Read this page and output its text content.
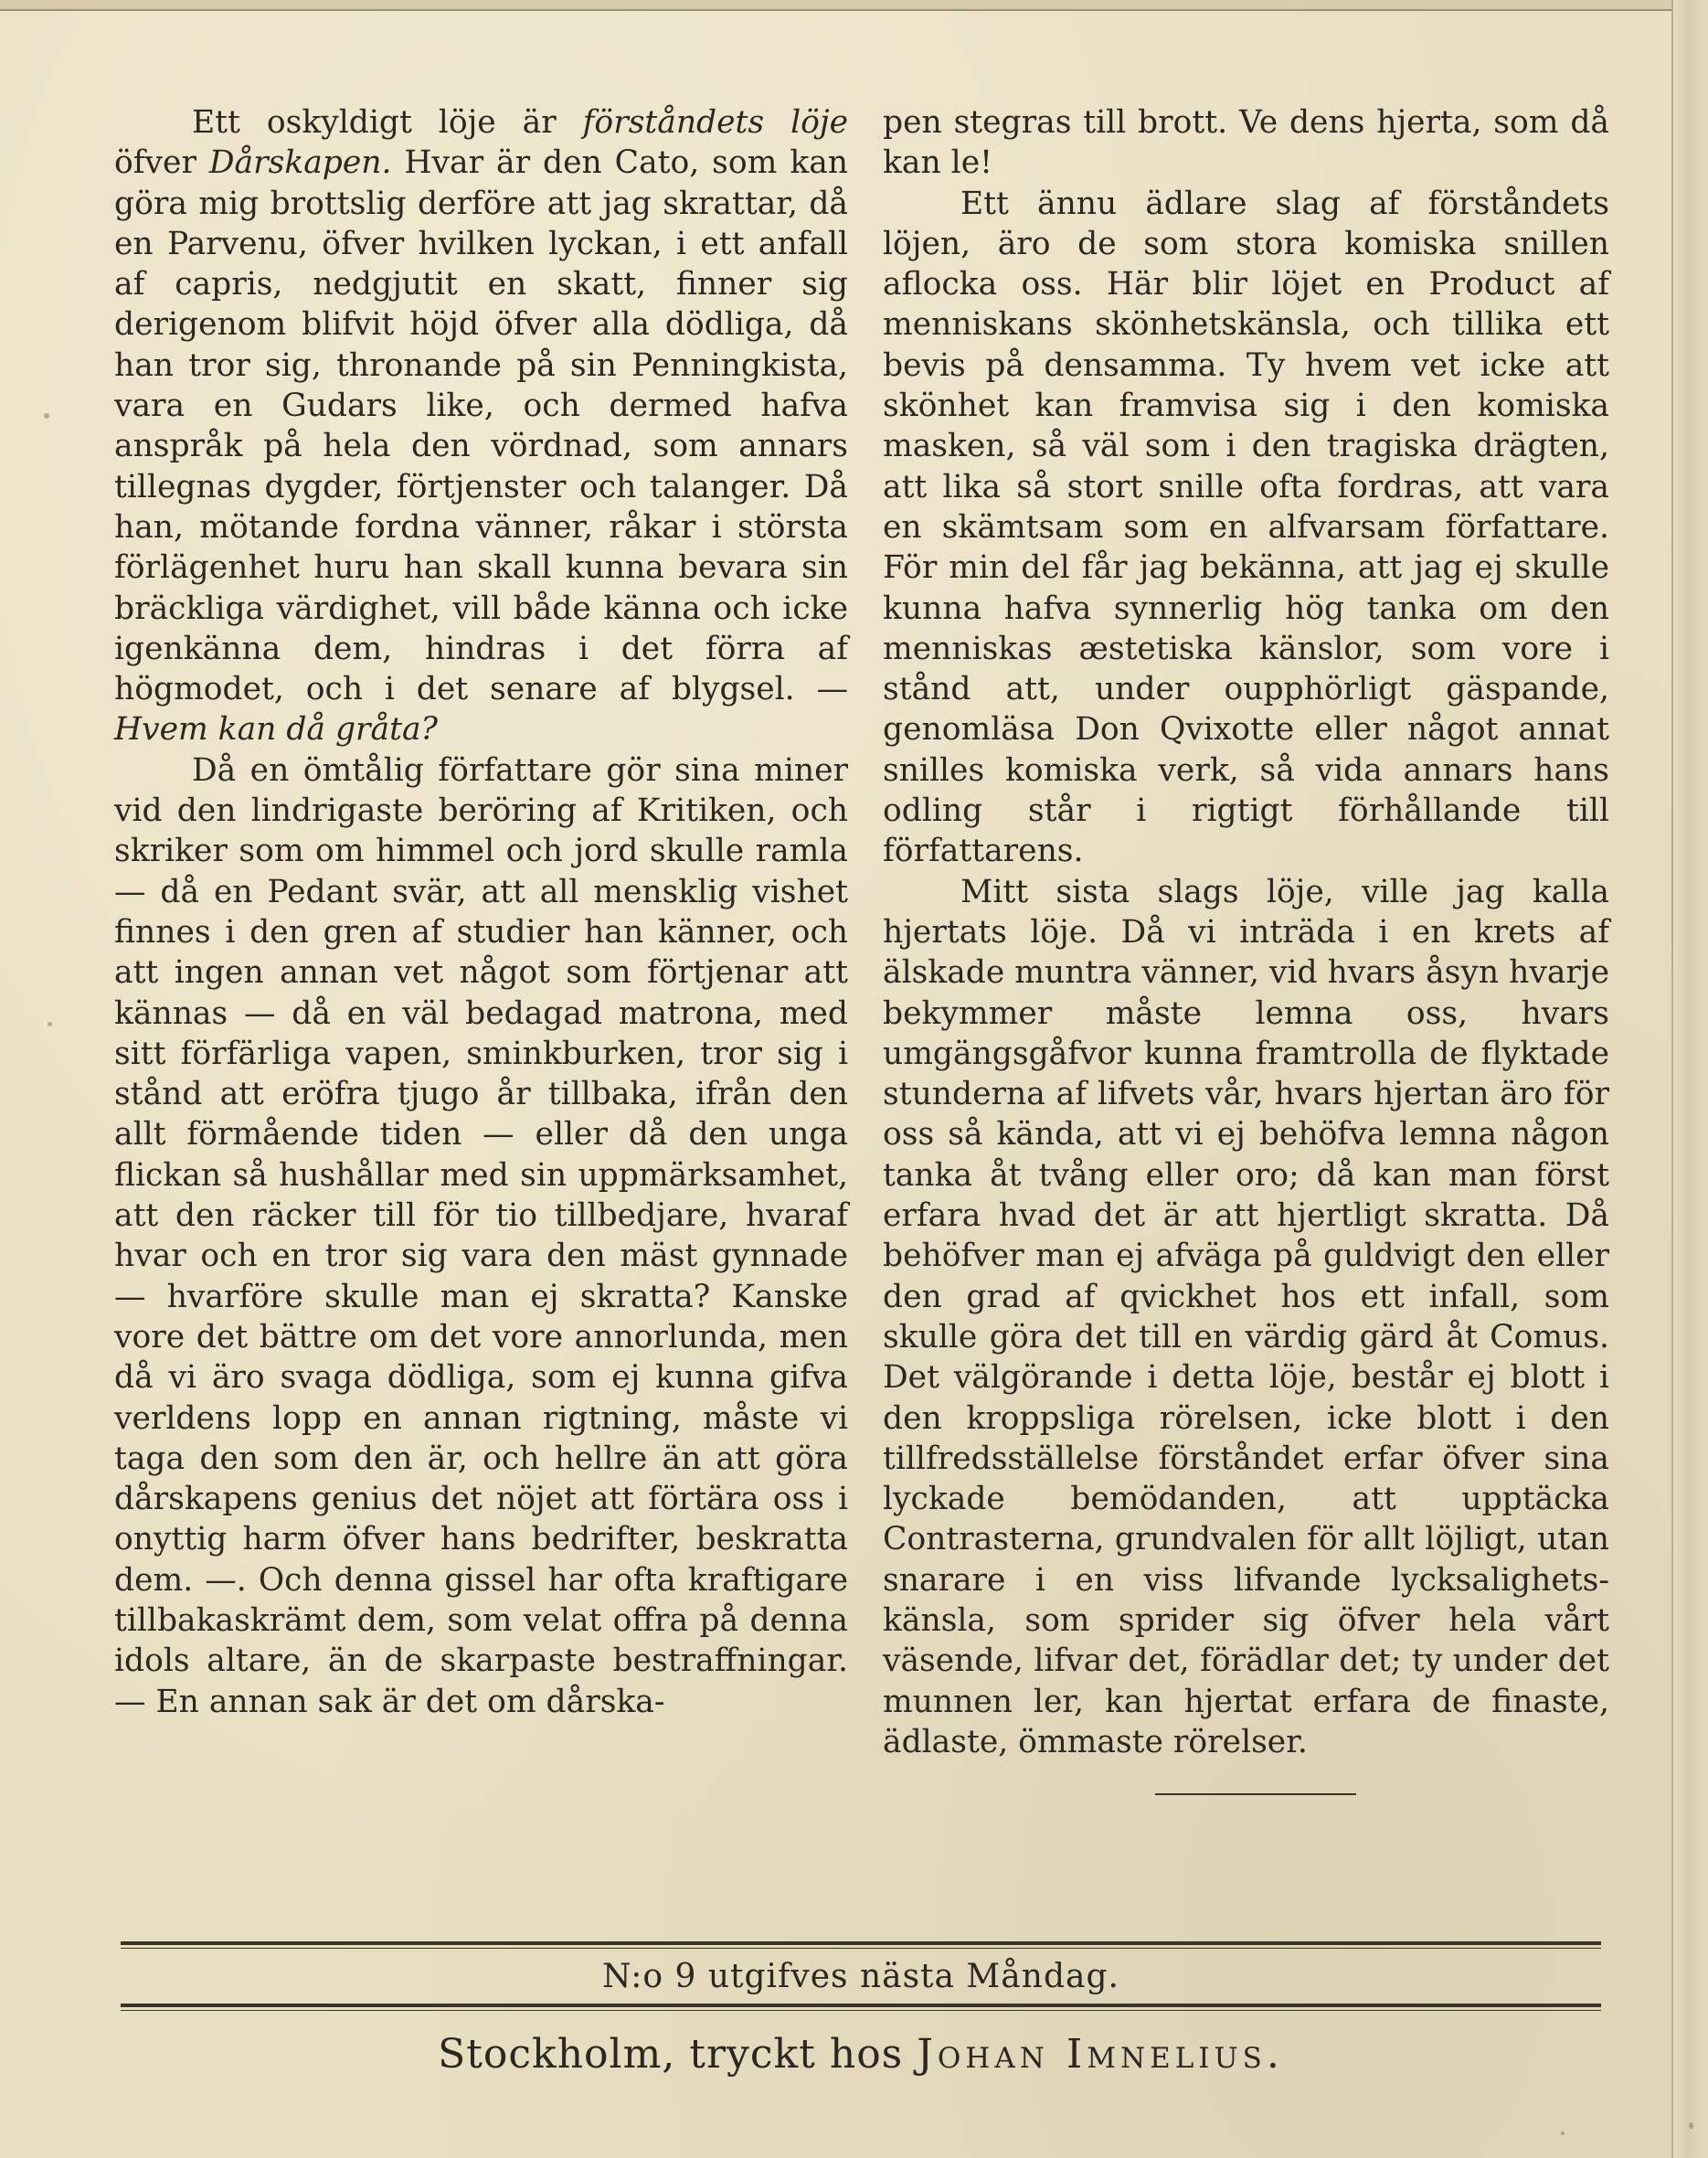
Ett oskyldigt löje är förståndets löje öfver Dårskapen. Hvar är den Cato, som kan göra mig brottslig derföre att jag skrattar, då en Parvenu, öfver hvilken lyckan, i ett anfall af capris, nedgjutit en skatt, finner sig derigenom blifvit höjd öfver alla dödliga, då han tror sig, thronande på sin Penningkista, vara en Gudars like, och dermed hafva anspråk på hela den vördnad, som annars tillegnas dygder, förtjenster och talanger. Då han, mötande fordna vänner, råkar i största förlägenhet huru han skall kunna bevara sin bräckliga värdighet, vill både känna och icke igenkänna dem, hindras i det förra af högmodet, och i det senare af blygsel. — Hvem kan då gråta?

Då en ömtålig författare gör sina miner vid den lindrigaste beröring af Kritiken, och skriker som om himmel och jord skulle ramla — då en Pedant svär, att all mensklig vishet finnes i den gren af studier han känner, och att ingen annan vet något som förtjenar att kännas — då en väl bedagad matrona, med sitt förfärliga vapen, sminkburken, tror sig i stånd att eröfra tjugo år tillbaka, ifrån den allt förmående tiden — eller då den unga flickan så hushållar med sin uppmärksamhet, att den räcker till för tio tillbedjare, hvaraf hvar och en tror sig vara den mäst gynnade — hvarföre skulle man ej skratta? Kanske vore det bättre om det vore annorlunda, men då vi äro svaga dödliga, som ej kunna gifva verldens lopp en annan rigtning, måste vi taga den som den är, och hellre än att göra dårskapens genius det nöjet att förtära oss i onyttig harm öfver hans bedrifter, beskratta dem. —. Och denna gissel har ofta kraftigare tillbakaskrämt dem, som velat offra på denna idols altare, än de skarpaste bestraffningar. — En annan sak är det om dårska-

pen stegras till brott. Ve dens hjerta, som då kan le!

Ett ännu ädlare slag af förståndets löjen, äro de som stora komiska snillen aflocka oss. Här blir löjet en Product af menniskans skönhetskänsla, och tillika ett bevis på densamma. Ty hvem vet icke att skönhet kan framvisa sig i den komiska masken, så väl som i den tragiska drägten, att lika så stort snille ofta fordras, att vara en skämtsam som en alfvarsam författare. För min del får jag bekänna, att jag ej skulle kunna hafva synnerlig hög tanka om den menniskas æstetiska känslor, som vore i stånd att, under oupphörligt gäspande, genomläsa Don Qvixotte eller något annat snilles komiska verk, så vida annars hans odling står i rigtigt förhållande till författarens.

Mitt sista slags löje, ville jag kalla hjertats löje. Då vi inträda i en krets af älskade muntra vänner, vid hvars åsyn hvarje bekymmer måste lemna oss, hvars umgängsgåfvor kunna framtrolla de flyktade stunderna af lifvets vår, hvars hjertan äro för oss så kända, att vi ej behöfva lemna någon tanka åt tvång eller oro; då kan man först erfara hvad det är att hjertligt skratta. Då behöfver man ej afväga på guldvigt den eller den grad af qvickhet hos ett infall, som skulle göra det till en värdig gärd åt Comus. Det välgörande i detta löje, består ej blott i den kroppsliga rörelsen, icke blott i den tillfredsställelse förståndet erfar öfver sina lyckade bemödanden, att upptäcka Contrasterna, grundvalen för allt löjligt, utan snarare i en viss lifvande lycksalighets-känsla, som sprider sig öfver hela vårt väsende, lifvar det, förädlar det; ty under det munnen ler, kan hjertat erfara de finaste, ädlaste, ömmaste rörelser.

N:o 9 utgifves nästa Måndag.
Stockholm, tryckt hos Johan Imnelius.
